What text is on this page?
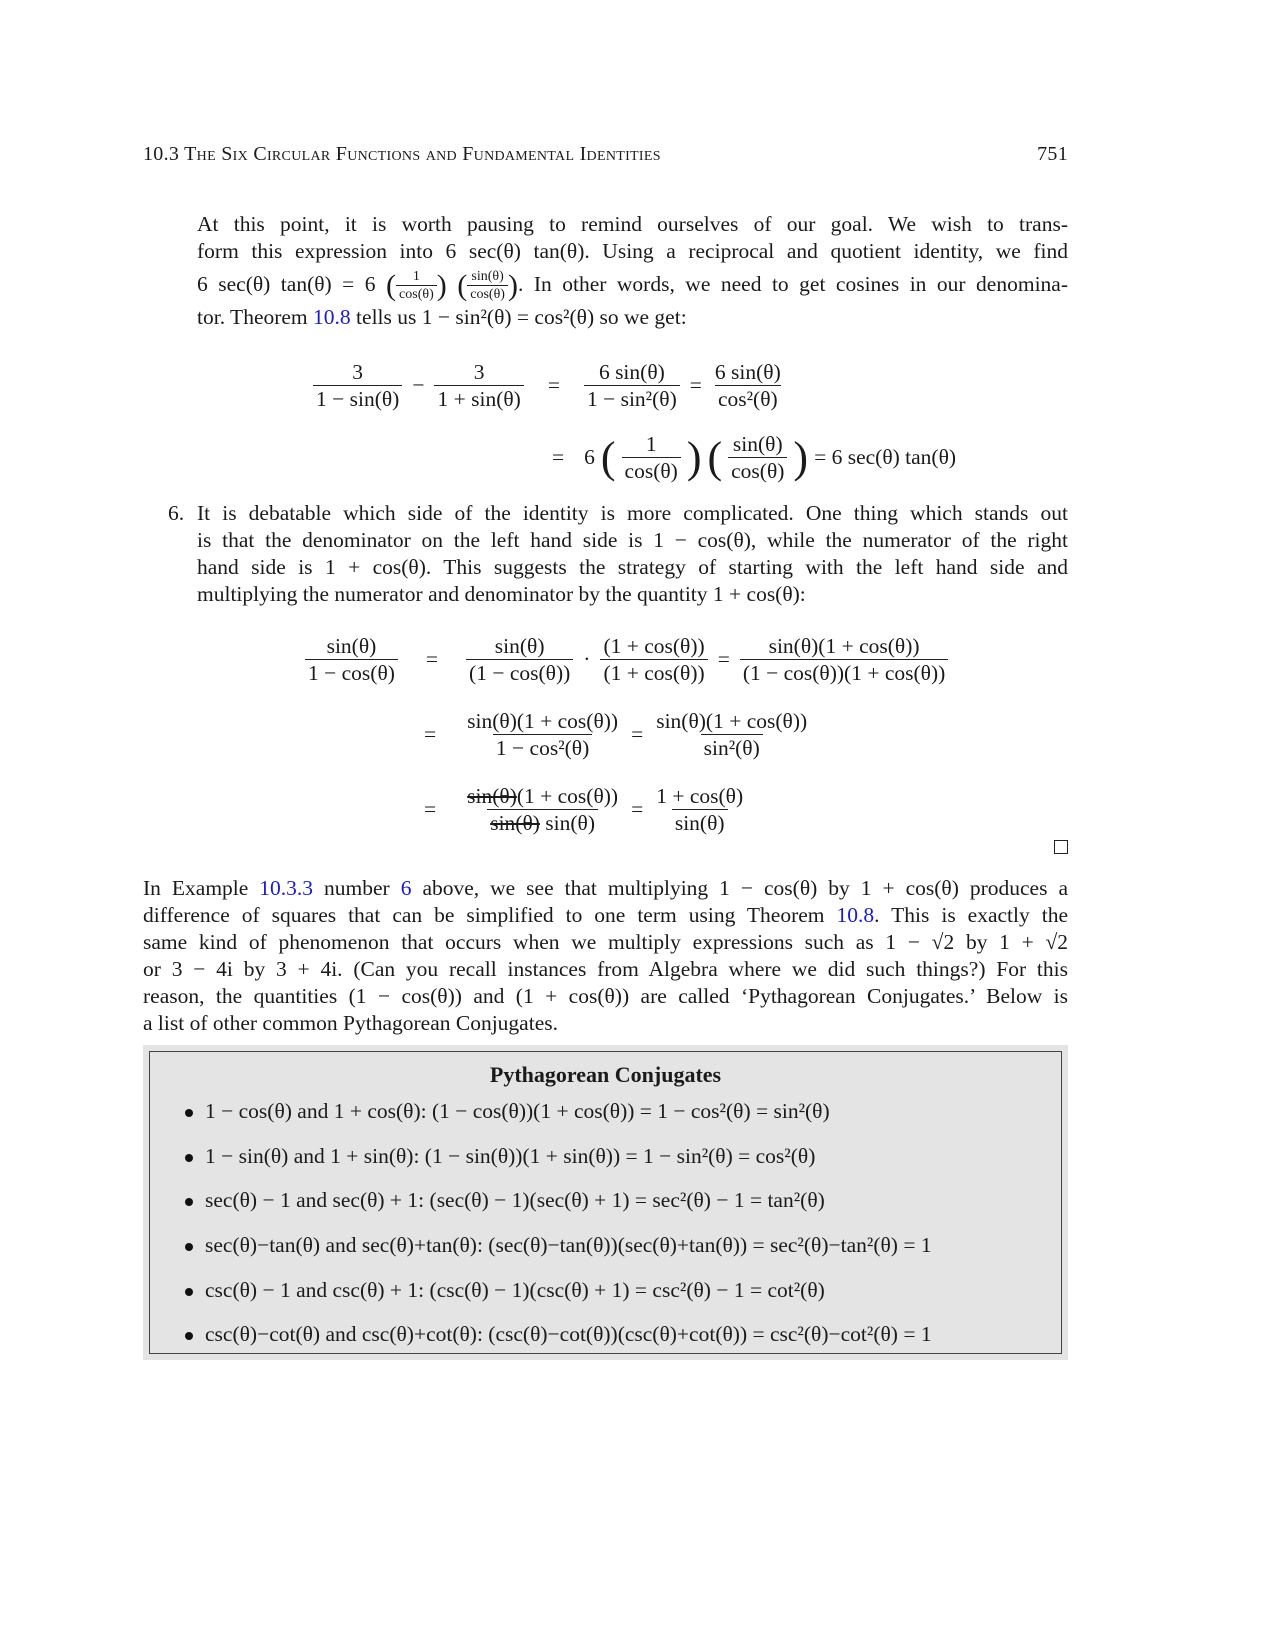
10.3 The Six Circular Functions and Fundamental Identities	751
At this point, it is worth pausing to remind ourselves of our goal. We wish to trans-
form this expression into 6 sec(θ) tan(θ). Using a reciprocal and quotient identity, we find
6 sec(θ) tan(θ) = 6 ( $\frac{1}{\cos(\theta)}$ ) ( $\frac{\sin(\theta)}{\cos(\theta)}$ ). In other words, we need to get cosines in our denomina-
tor. Theorem 10.8 tells us 1 − sin²(θ) = cos²(θ) so we get:
$\frac{3}{1 - \sin(\theta)} - \frac{3}{1 + \sin(\theta)}$	=	$\frac{6 \sin(\theta)}{\text{1 − sin²(θ)}} = \frac{6 \sin(\theta)}{\text{cos²(θ)}}$
= 6 ( $\frac{1}{\cos(\theta)}$ ) ( $\frac{\sin(\theta)}{\cos(\theta)}$ ) = 6 sec(θ) tan(θ)
6. It is debatable which side of the identity is more complicated. One thing which stands out
is that the denominator on the left hand side is 1 − cos(θ), while the numerator of the right
hand side is 1 + cos(θ). This suggests the strategy of starting with the left hand side and
multiplying the numerator and denominator by the quantity 1 + cos(θ):
$\frac{\sin(\theta)}{1 - \cos(\theta)}$	=	$\frac{\sin(\theta)}{(1 - \cos(\theta))} \cdot \frac{(1 + \cos(\theta))}{(1 + \cos(\theta))} = \frac{\sin(\theta)(1 + \cos(\theta))}{(1 - \cos(\theta))(1 + \cos(\theta))}$
=	$\frac{\sin(\theta)(1 + \cos(\theta))}{\text{1 − cos²(θ)}} = \frac{\sin(\theta)(1 + \cos(\theta))}{\text{sin²(θ)}}$
=	$\frac{\sin(\theta)(1 + \cos(\theta))}{\sin(\theta) \sin(\theta)} = \frac{1 + \cos(\theta)}{\sin(\theta)}$
In Example 10.3.3 number 6 above, we see that multiplying 1 − cos(θ) by 1 + cos(θ) produces a
difference of squares that can be simplified to one term using Theorem 10.8. This is exactly the
same kind of phenomenon that occurs when we multiply expressions such as 1 − √2 by 1 + √2
or 3 − 4i by 3 + 4i. (Can you recall instances from Algebra where we did such things?) For this
reason, the quantities (1 − cos(θ)) and (1 + cos(θ)) are called ‘Pythagorean Conjugates.’ Below is
a list of other common Pythagorean Conjugates.
Pythagorean Conjugates
1 − cos(θ) and 1 + cos(θ): (1 − cos(θ))(1 + cos(θ)) = 1 − cos²(θ) = sin²(θ)
1 − sin(θ) and 1 + sin(θ): (1 − sin(θ))(1 + sin(θ)) = 1 − sin²(θ) = cos²(θ)
sec(θ) − 1 and sec(θ) + 1: (sec(θ) − 1)(sec(θ) + 1) = sec²(θ) − 1 = tan²(θ)
sec(θ)−tan(θ) and sec(θ)+tan(θ): (sec(θ)−tan(θ))(sec(θ)+tan(θ)) = sec²(θ)−tan²(θ) = 1
csc(θ) − 1 and csc(θ) + 1: (csc(θ) − 1)(csc(θ) + 1) = csc²(θ) − 1 = cot²(θ)
csc(θ)−cot(θ) and csc(θ)+cot(θ): (csc(θ)−cot(θ))(csc(θ)+cot(θ)) = csc²(θ)−cot²(θ) = 1
